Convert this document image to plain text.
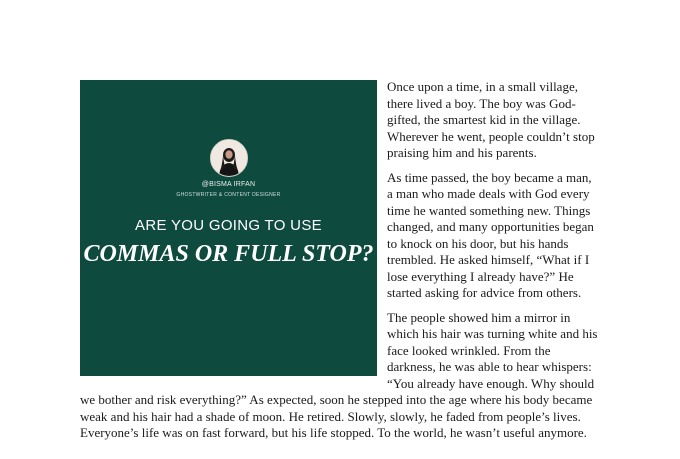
@BISMA IRFAN
GHOSTWRITER & CONTENT DESIGNER
ARE YOU GOING TO USE
COMMAS OR FULL STOP?

Once upon a time, in a small village, there lived a boy. The boy was God-gifted, the smartest kid in the village. Wherever he went, people couldn’t stop praising him and his parents.

As time passed, the boy became a man, a man who made deals with God every time he wanted something new. Things changed, and many opportunities began to knock on his door, but his hands trembled. He asked himself, “What if I lose everything I already have?” He started asking for advice from others.

The people showed him a mirror in which his hair was turning white and his face looked wrinkled. From the darkness, he was able to hear whispers: “You already have enough. Why should we bother and risk everything?” As expected, soon he stepped into the age where his body became weak and his hair had a shade of moon. He retired. Slowly, slowly, he faded from people’s lives. Everyone’s life was on fast forward, but his life stopped. To the world, he wasn’t useful anymore.
